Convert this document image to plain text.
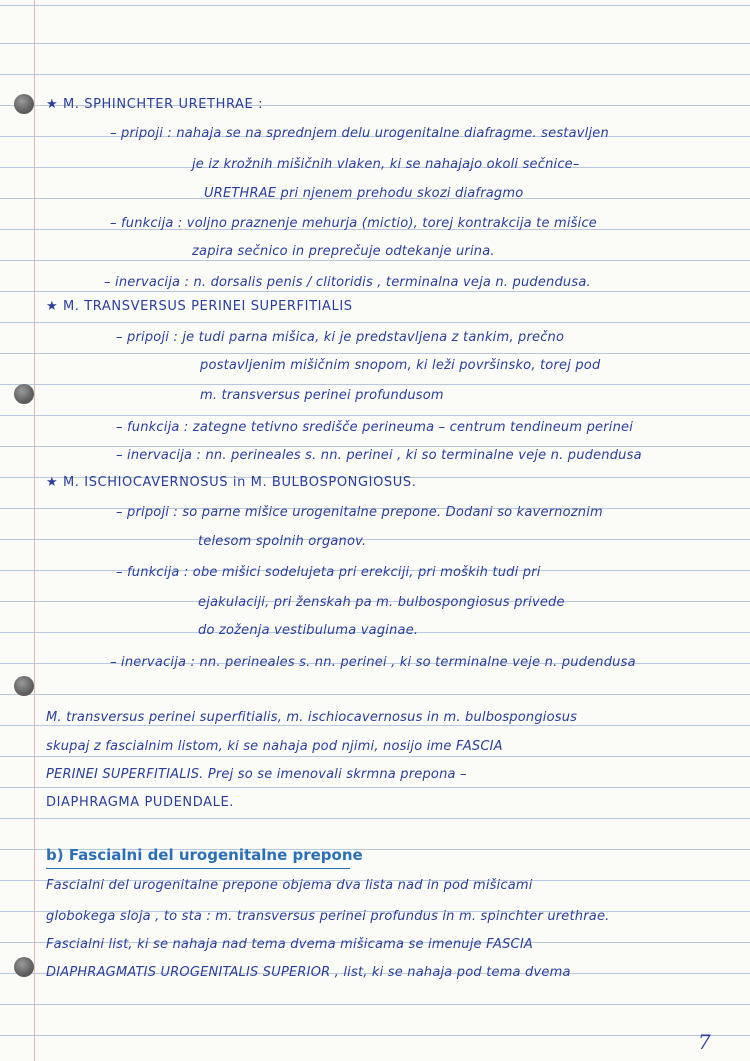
★ M. SPHINCHTER URETHRAE :
– pripoji : nahaja se na sprednjem delu urogenitalne diafragme. sestavljen
je iz krožnih mišičnih vlaken, ki se nahajajo okoli sečnice–
URETHRAE pri njenem prehodu skozi diafragmo
– funkcija : voljno praznenje mehurja (mictio), torej kontrakcija te mišice
zapira sečnico in preprečuje odtekanje urina.
– inervacija : n. dorsalis penis / clitoridis , terminalna veja n. pudendusa.
★ M. TRANSVERSUS PERINEI SUPERFITIALIS
– pripoji : je tudi parna mišica, ki je predstavljena z tankim, prečno
postavljenim mišičnim snopom, ki leži površinsko, torej pod
m. transversus perinei profundusom
– funkcija : zategne tetivno središče perineuma – centrum tendineum perinei
– inervacija : nn. perineales s. nn. perinei , ki so terminalne veje n. pudendusa
★ M. ISCHIOCAVERNOSUS in M. BULBOSPONGIOSUS.
– pripoji : so parne mišice urogenitalne prepone. Dodani so kavernoznim
telesom spolnih organov.
– funkcija : obe mišici sodelujeta pri erekciji, pri moških tudi pri
ejakulaciji, pri ženskah pa m. bulbospongiosus privede
do zoženja vestibuluma vaginae.
– inervacija : nn. perineales s. nn. perinei , ki so terminalne veje n. pudendusa
M. transversus perinei superfitialis, m. ischiocavernosus in m. bulbospongiosus
skupaj z fascialnim listom, ki se nahaja pod njimi, nosijo ime FASCIA
PERINEI SUPERFITIALIS. Prej so se imenovali skrmna prepona –
DIAPHRAGMA PUDENDALE.
b) Fascialni del urogenitalne prepone
Fascialni del urogenitalne prepone objema dva lista nad in pod mišicami
globokega sloja , to sta : m. transversus perinei profundus in m. spinchter urethrae.
Fascialni list, ki se nahaja nad tema dvema mišicama se imenuje FASCIA
DIAPHRAGMATIS UROGENITALIS SUPERIOR , list, ki se nahaja pod tema dvema
7
